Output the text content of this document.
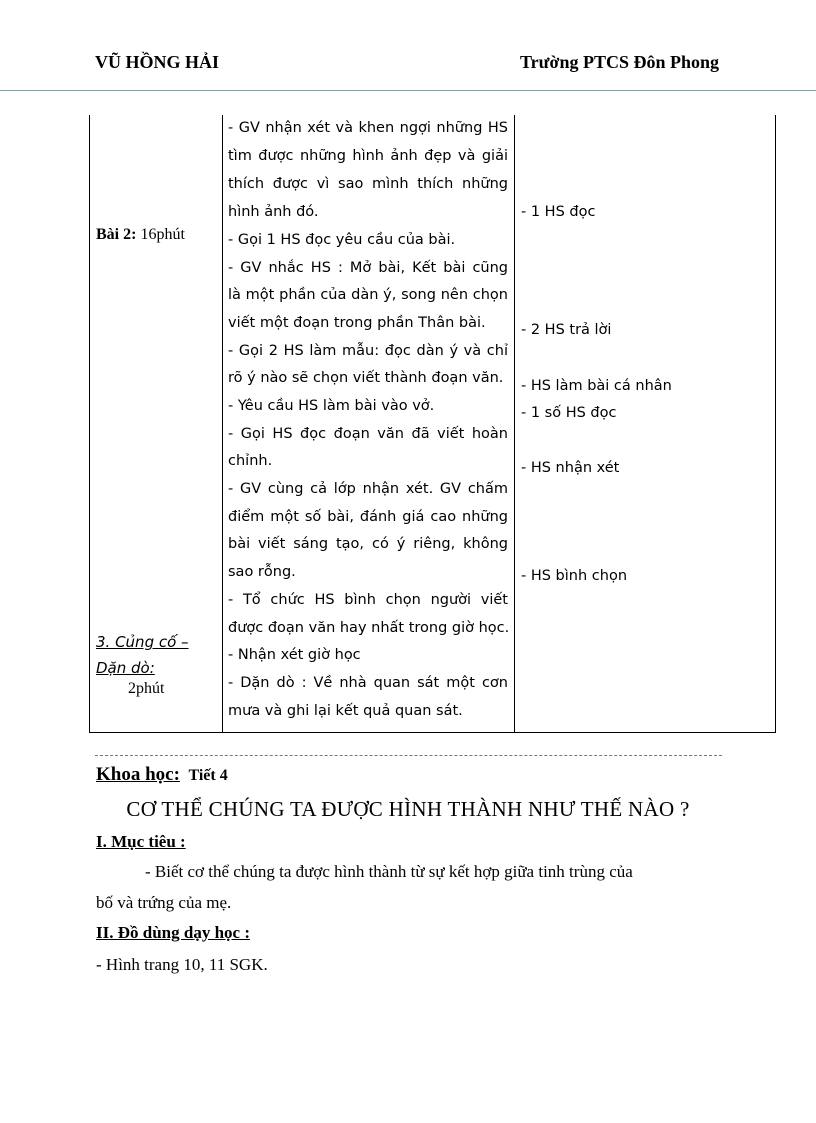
VŨ HỒNG HẢI	Trường PTCS Đôn Phong
Bài 2: 16phút
3. Củng cố –
Dặn dò:
2phút
- GV nhận xét và khen ngợi những HS
tìm được những hình ảnh đẹp và giải
thích được vì sao mình thích những
hình ảnh đó.
- Gọi 1 HS đọc yêu cầu của bài.
- GV nhắc HS : Mở bài, Kết bài cũng
là một phần của dàn ý, song nên chọn
viết một đoạn trong phần Thân bài.
- Gọi 2 HS làm mẫu: đọc dàn ý và chỉ
rõ ý nào sẽ chọn viết thành đoạn văn.
- Yêu cầu HS làm bài vào vở.
- Gọi HS đọc đoạn văn đã viết hoàn
chỉnh.
- GV cùng cả lớp nhận xét. GV chấm
điểm một số bài, đánh giá cao những
bài viết sáng tạo, có ý riêng, không
sao rỗng.
- Tổ chức HS bình chọn người viết
được đoạn văn hay nhất trong giờ học.
- Nhận xét giờ học
- Dặn dò : Về nhà quan sát một cơn
mưa và ghi lại kết quả quan sát.
- 1 HS đọc
- 2 HS trả lời
- HS làm bài cá nhân
- 1 số HS đọc
- HS nhận xét
- HS bình chọn
Khoa học: Tiết 4
CƠ THỂ CHÚNG TA ĐƯỢC HÌNH THÀNH NHƯ THẾ NÀO ?
I. Mục tiêu :
- Biết cơ thể chúng ta được hình thành từ sự kết hợp giữa tinh trùng của
bố và trứng của mẹ.
II. Đồ dùng dạy học :
- Hình trang 10, 11 SGK.
